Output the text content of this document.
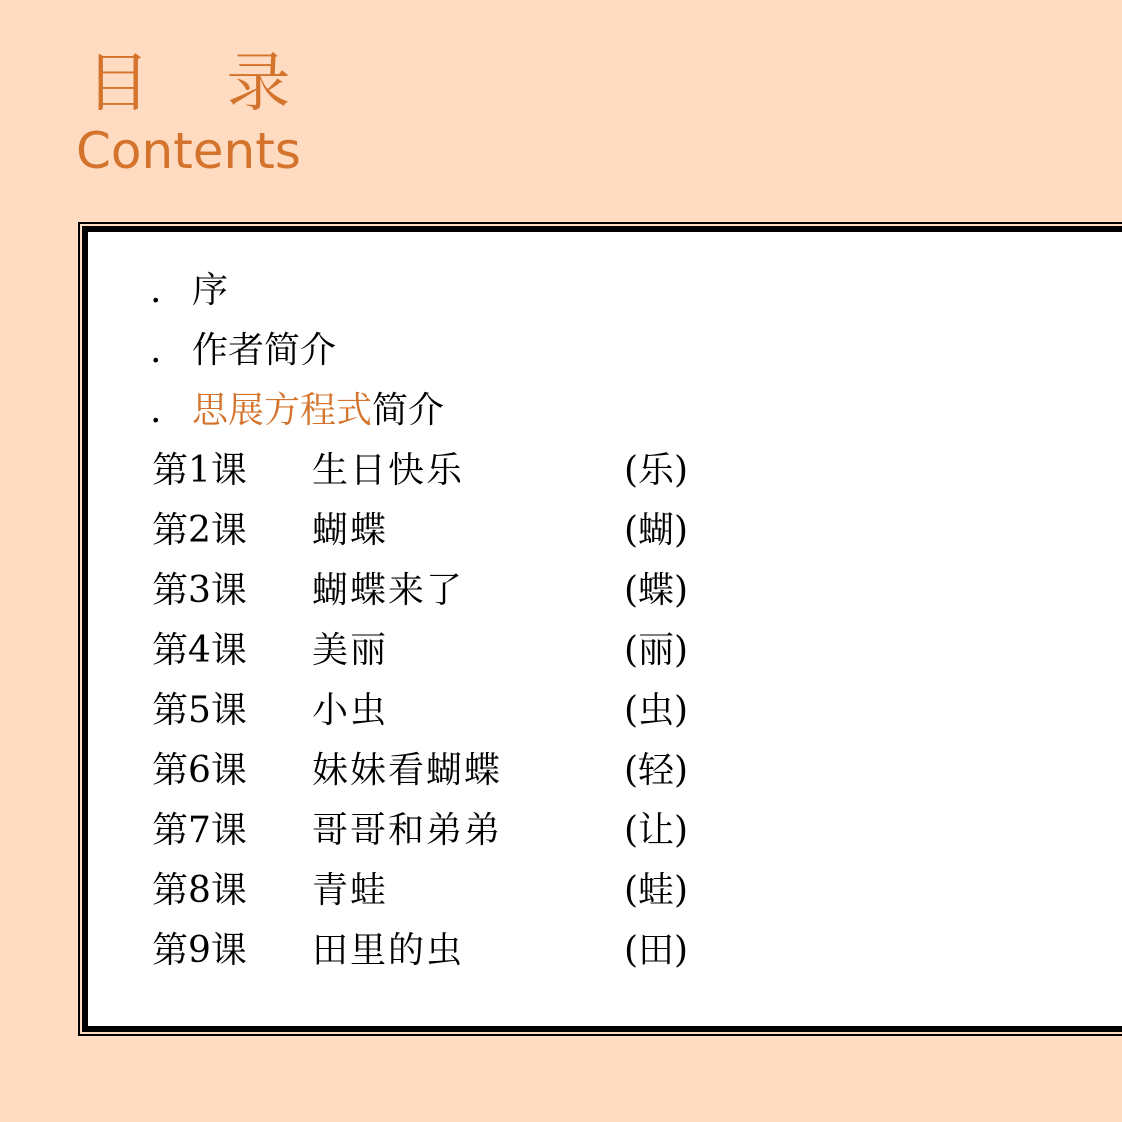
目 录
Contents
. 序
. 作者简介
. 思展方程式简介
第1课 生日快乐	(乐)
第2课 蝴蝶	(蝴)
第3课 蝴蝶来了	(蝶)
第4课 美丽	(丽)
第5课 小虫	(虫)
第6课 妹妹看蝴蝶	(轻)
第7课 哥哥和弟弟	(让)
第8课 青蛙	(蛙)
第9课 田里的虫	(田)
